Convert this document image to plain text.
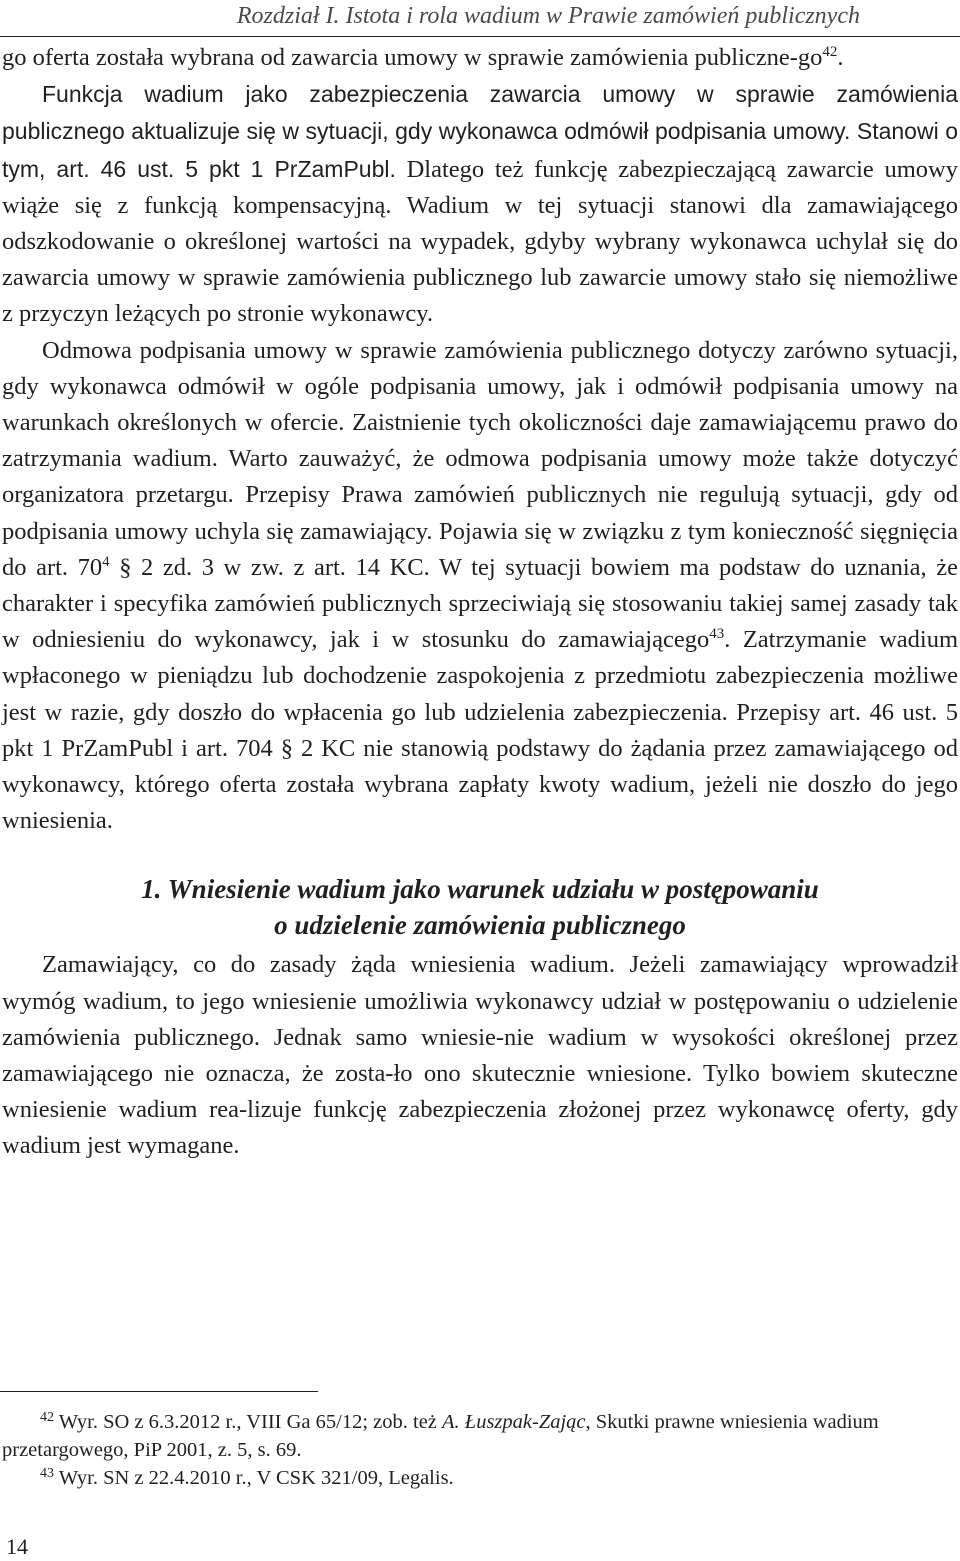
Rozdział I. Istota i rola wadium w Prawie zamówień publicznych

go oferta została wybrana od zawarcia umowy w sprawie zamówienia publiczne-$go^{42}$.

Funkcja wadium jako zabezpieczenia zawarcia umowy w sprawie zamówienia publicznego aktualizuje się w sytuacji, gdy wykonawca odmówił podpisania umowy. Stanowi o tym, art. 46 ust. 5 pkt 1 PrZamPubl. Dlatego też funkcję zabezpieczającą zawarcie umowy wiąże się z funkcją kompensacyjną. Wadium w tej sytuacji stanowi dla zamawiającego odszkodowanie o określonej wartości na wypadek, gdyby wybrany wykonawca uchylał się do zawarcia umowy w sprawie zamówienia publicznego lub zawarcie umowy stało się niemożliwe z przyczyn leżących po stronie wykonawcy.

Odmowa podpisania umowy w sprawie zamówienia publicznego dotyczy zarówno sytuacji, gdy wykonawca odmówił w ogóle podpisania umowy, jak i odmówił podpisania umowy na warunkach określonych w ofercie. Zaistnienie tych okoliczności daje zamawiającemu prawo do zatrzymania wadium. Warto zauważyć, że odmowa podpisania umowy może także dotyczyć organizatora przetargu. Przepisy Prawa zamówień publicznych nie regulują sytuacji, gdy od podpisania umowy uchyla się zamawiający. Pojawia się w związku z tym konieczność sięgnięcia do art. $70^4$ § 2 zd. 3 w zw. z art. 14 KC. W tej sytuacji bowiem ma podstaw do uznania, że charakter i specyfika zamówień publicznych sprzeciwiają się stosowaniu takiej samej zasady tak w odniesieniu do wykonawcy, jak i w stosunku do zamawiającego$^{43}$. Zatrzymanie wadium wpłaconego w pieniądzu lub dochodzenie zaspokojenia z przedmiotu zabezpieczenia możliwe jest w razie, gdy doszło do wpłacenia go lub udzielenia zabezpieczenia. Przepisy art. 46 ust. 5 pkt 1 PrZamPubl i art. 704 § 2 KC nie stanowią podstawy do żądania przez zamawiającego od wykonawcy, którego oferta została wybrana zapłaty kwoty wadium, jeżeli nie doszło do jego wniesienia.

1. Wniesienie wadium jako warunek udziału w postępowaniu
o udzielenie zamówienia publicznego

Zamawiający, co do zasady żąda wniesienia wadium. Jeżeli zamawiający wprowadził wymóg wadium, to jego wniesienie umożliwia wykonawcy udział w postępowaniu o udzielenie zamówienia publicznego. Jednak samo wniesie-nie wadium w wysokości określonej przez zamawiającego nie oznacza, że zosta-ło ono skutecznie wniesione. Tylko bowiem skuteczne wniesienie wadium rea-lizuje funkcję zabezpieczenia złożonej przez wykonawcę oferty, gdy wadium jest wymagane.

$^{42}$ Wyr. SO z 6.3.2012 r., VIII Ga 65/12; zob. też A. Łuszpak-Zając, Skutki prawne wniesienia wadium przetargowego, PiP 2001, z. 5, s. 69.

$^{43}$ Wyr. SN z 22.4.2010 r., V CSK 321/09, Legalis.

14
